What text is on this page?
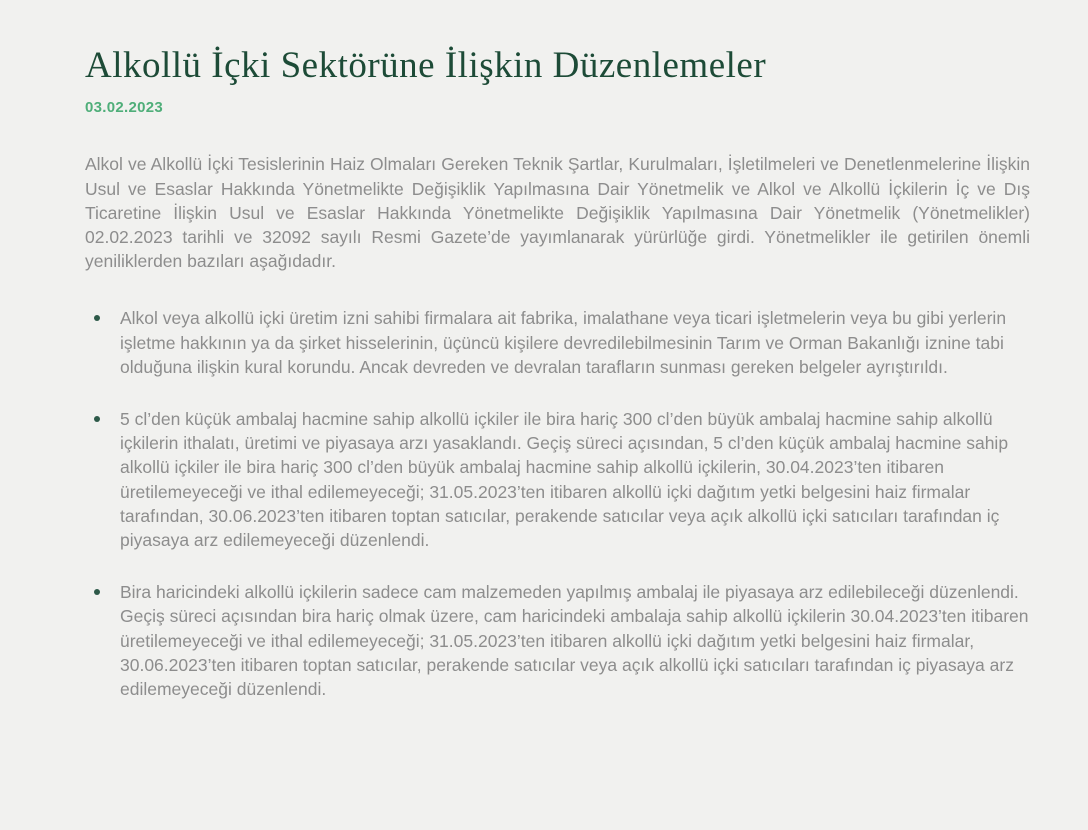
Alkollü İçki Sektörüne İlişkin Düzenlemeler
03.02.2023

Alkol ve Alkollü İçki Tesislerinin Haiz Olmaları Gereken Teknik Şartlar, Kurulmaları, İşletilmeleri ve Denetlenmelerine İlişkin Usul ve Esaslar Hakkında Yönetmelikte Değişiklik Yapılmasına Dair Yönetmelik ve Alkol ve Alkollü İçkilerin İç ve Dış Ticaretine İlişkin Usul ve Esaslar Hakkında Yönetmelikte Değişiklik Yapılmasına Dair Yönetmelik (Yönetmelikler) 02.02.2023 tarihli ve 32092 sayılı Resmi Gazete’de yayımlanarak yürürlüğe girdi. Yönetmelikler ile getirilen önemli yeniliklerden bazıları aşağıdadır.

Alkol veya alkollü içki üretim izni sahibi firmalara ait fabrika, imalathane veya ticari işletmelerin veya bu gibi yerlerin işletme hakkının ya da şirket hisselerinin, üçüncü kişilere devredilebilmesinin Tarım ve Orman Bakanlığı iznine tabi olduğuna ilişkin kural korundu. Ancak devreden ve devralan tarafların sunması gereken belgeler ayrıştırıldı.
5 cl’den küçük ambalaj hacmine sahip alkollü içkiler ile bira hariç 300 cl’den büyük ambalaj hacmine sahip alkollü içkilerin ithalatı, üretimi ve piyasaya arzı yasaklandı. Geçiş süreci açısından, 5 cl’den küçük ambalaj hacmine sahip alkollü içkiler ile bira hariç 300 cl’den büyük ambalaj hacmine sahip alkollü içkilerin, 30.04.2023’ten itibaren üretilemeyeceği ve ithal edilemeyeceği; 31.05.2023’ten itibaren alkollü içki dağıtım yetki belgesini haiz firmalar tarafından, 30.06.2023’ten itibaren toptan satıcılar, perakende satıcılar veya açık alkollü içki satıcıları tarafından iç piyasaya arz edilemeyeceği düzenlendi.
Bira haricindeki alkollü içkilerin sadece cam malzemeden yapılmış ambalaj ile piyasaya arz edilebileceği düzenlendi. Geçiş süreci açısından bira hariç olmak üzere, cam haricindeki ambalaja sahip alkollü içkilerin 30.04.2023’ten itibaren üretilemeyeceği ve ithal edilemeyeceği; 31.05.2023’ten itibaren alkollü içki dağıtım yetki belgesini haiz firmalar, 30.06.2023’ten itibaren toptan satıcılar, perakende satıcılar veya açık alkollü içki satıcıları tarafından iç piyasaya arz edilemeyeceği düzenlendi.
